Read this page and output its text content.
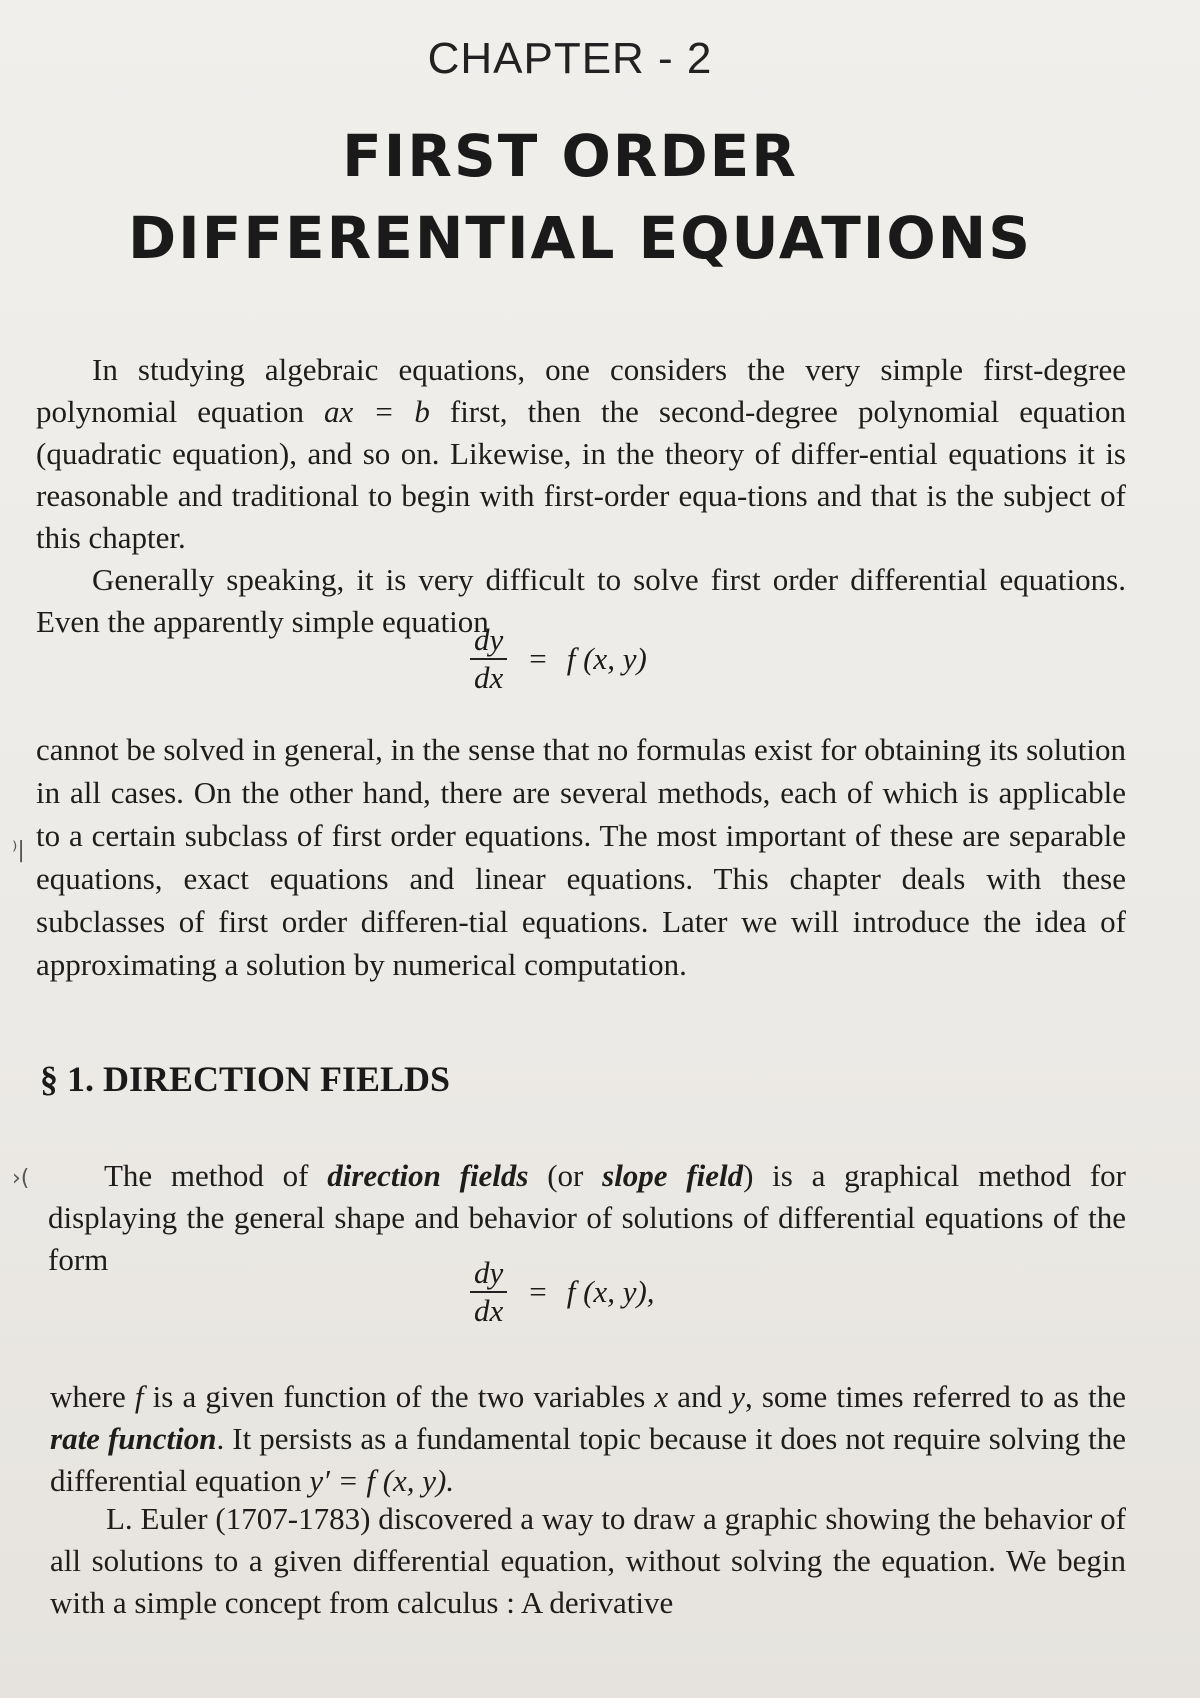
CHAPTER - 2
FIRST ORDER
DIFFERENTIAL EQUATIONS

In studying algebraic equations, one considers the very simple first-degree polynomial equation ax = b first, then the second-degree polynomial equation (quadratic equation), and so on. Likewise, in the theory of differ-ential equations it is reasonable and traditional to begin with first-order equa-tions and that is the subject of this chapter.

Generally speaking, it is very difficult to solve first order differential equations. Even the apparently simple equation

$\frac{dy}{dx} = f$ (x, y)

cannot be solved in general, in the sense that no formulas exist for obtaining its solution in all cases. On the other hand, there are several methods, each of which is applicable to a certain subclass of first order equations. The most important of these are separable equations, exact equations and linear equations. This chapter deals with these subclasses of first order differen-tial equations. Later we will introduce the idea of approximating a solution by numerical computation.

⁾|
§ 1. DIRECTION FIELDS

The method of direction fields (or slope field) is a graphical method for displaying the general shape and behavior of solutions of differential equations of the form

›(
$\frac{dy}{dx} = f$ (x, y),

where f is a given function of the two variables x and y, some times referred to as the rate function. It persists as a fundamental topic because it does not require solving the differential equation y′ = f (x, y).

L. Euler (1707-1783) discovered a way to draw a graphic showing the behavior of all solutions to a given differential equation, without solving the equation. We begin with a simple concept from calculus : A derivative
